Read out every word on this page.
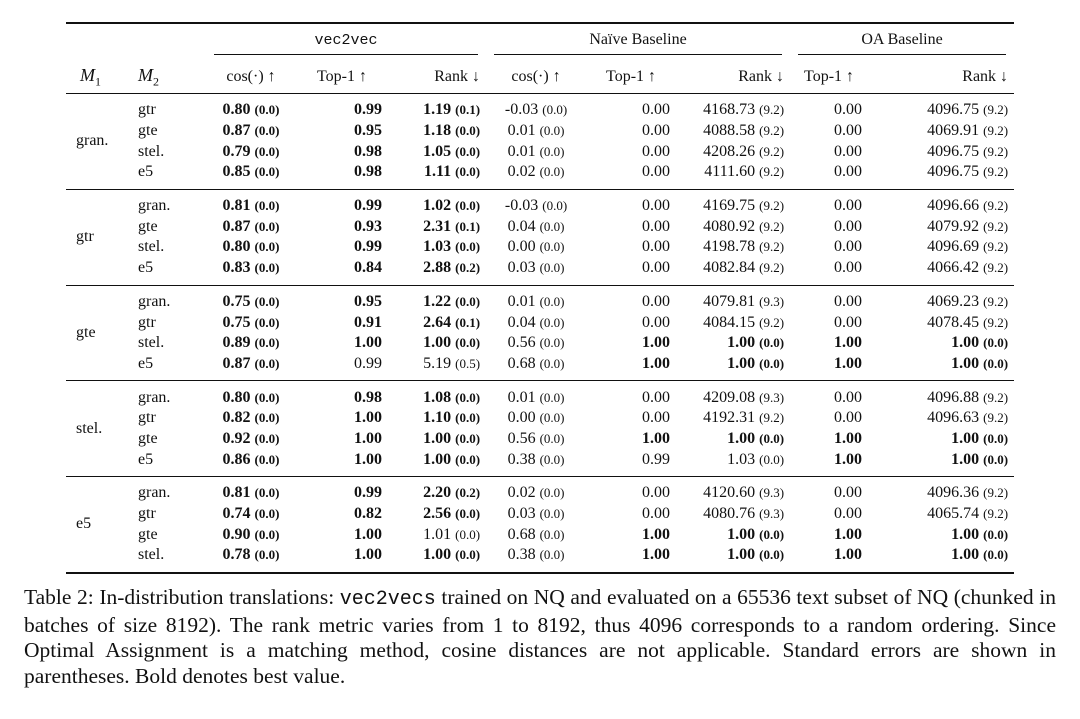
		vec2vec			Naïve Baseline			OA Baseline	

$M_1$	$M_2$	cos(·) ↑	Top-1 ↑	Rank ↓	cos(·) ↑	Top-1 ↑	Rank ↓	Top-1 ↑	Rank ↓

gran.	gtr	0.80 (0.0)	0.99	1.19 (0.1)	-0.03 (0.0)	0.00	4168.73 (9.2)	0.00	4096.75 (9.2)
	gte	0.87 (0.0)	0.95	1.18 (0.0)	0.01 (0.0)	0.00	4088.58 (9.2)	0.00	4069.91 (9.2)
	stel.	0.79 (0.0)	0.98	1.05 (0.0)	0.01 (0.0)	0.00	4208.26 (9.2)	0.00	4096.75 (9.2)
	e5	0.85 (0.0)	0.98	1.11 (0.0)	0.02 (0.0)	0.00	4111.60 (9.2)	0.00	4096.75 (9.2)

gtr	gran.	0.81 (0.0)	0.99	1.02 (0.0)	-0.03 (0.0)	0.00	4169.75 (9.2)	0.00	4096.66 (9.2)
	gte	0.87 (0.0)	0.93	2.31 (0.1)	0.04 (0.0)	0.00	4080.92 (9.2)	0.00	4079.92 (9.2)
	stel.	0.80 (0.0)	0.99	1.03 (0.0)	0.00 (0.0)	0.00	4198.78 (9.2)	0.00	4096.69 (9.2)
	e5	0.83 (0.0)	0.84	2.88 (0.2)	0.03 (0.0)	0.00	4082.84 (9.2)	0.00	4066.42 (9.2)

gte	gran.	0.75 (0.0)	0.95	1.22 (0.0)	0.01 (0.0)	0.00	4079.81 (9.3)	0.00	4069.23 (9.2)
	gtr	0.75 (0.0)	0.91	2.64 (0.1)	0.04 (0.0)	0.00	4084.15 (9.2)	0.00	4078.45 (9.2)
	stel.	0.89 (0.0)	1.00	1.00 (0.0)	0.56 (0.0)	1.00	1.00 (0.0)	1.00	1.00 (0.0)
	e5	0.87 (0.0)	0.99	5.19 (0.5)	0.68 (0.0)	1.00	1.00 (0.0)	1.00	1.00 (0.0)

stel.	gran.	0.80 (0.0)	0.98	1.08 (0.0)	0.01 (0.0)	0.00	4209.08 (9.3)	0.00	4096.88 (9.2)
	gtr	0.82 (0.0)	1.00	1.10 (0.0)	0.00 (0.0)	0.00	4192.31 (9.2)	0.00	4096.63 (9.2)
	gte	0.92 (0.0)	1.00	1.00 (0.0)	0.56 (0.0)	1.00	1.00 (0.0)	1.00	1.00 (0.0)
	e5	0.86 (0.0)	1.00	1.00 (0.0)	0.38 (0.0)	0.99	1.03 (0.0)	1.00	1.00 (0.0)

e5	gran.	0.81 (0.0)	0.99	2.20 (0.2)	0.02 (0.0)	0.00	4120.60 (9.3)	0.00	4096.36 (9.2)
	gtr	0.74 (0.0)	0.82	2.56 (0.0)	0.03 (0.0)	0.00	4080.76 (9.3)	0.00	4065.74 (9.2)
	gte	0.90 (0.0)	1.00	1.01 (0.0)	0.68 (0.0)	1.00	1.00 (0.0)	1.00	1.00 (0.0)
	stel.	0.78 (0.0)	1.00	1.00 (0.0)	0.38 (0.0)	1.00	1.00 (0.0)	1.00	1.00 (0.0)
Table 2: In-distribution translations: vec2vecs trained on NQ and evaluated on a 65536 text subset of NQ (chunked in batches of size 8192). The rank metric varies from 1 to 8192, thus 4096 corresponds to a random ordering. Since Optimal Assignment is a matching method, cosine distances are not applicable. Standard errors are shown in parentheses. Bold denotes best value.
